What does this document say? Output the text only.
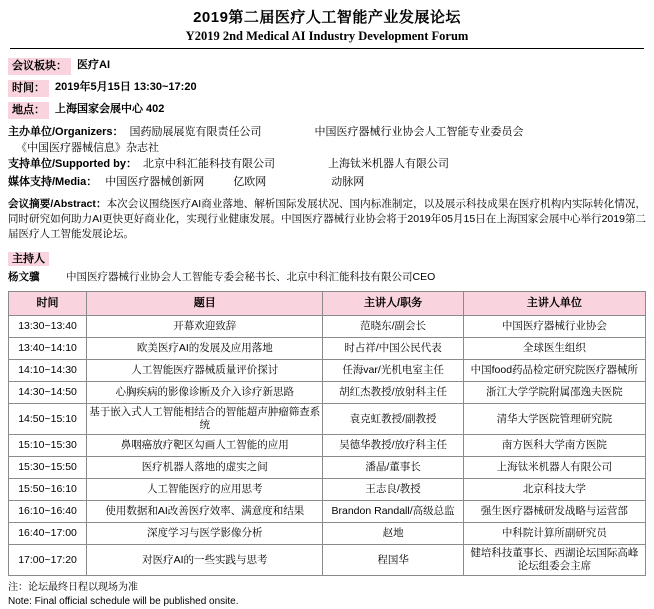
2019第二届医疗人工智能产业发展论坛
Y2019 2nd Medical AI Industry Development Forum
会议板块： 医疗AI
时间： 2019年5月15日 13:30~17:20
地点： 上海国家会展中心 402
主办单位/Organizers： 国药励展展览有限责任公司	中国医疗器械行业协会人工智能专业委员会
《中国医疗器械信息》杂志社
支持单位/Supported by： 北京中科汇能科技有限公司	上海钛米机器人有限公司
媒体支持/Media： 中国医疗器械创新网	亿欧网	动脉网
会议摘要/Abstract：本次会议围绕医疗AI商业落地、解析国际发展状况、国内标准制定，以及展示科技成果在医疗机构内实际转化情况，同时研究如何助力AI更快更好商业化，实现行业健康发展。中国医疗器械行业协会将于2019年05月15日在上海国家会展中心举行2019第二届医疗人工智能发展论坛。
主持人
杨文骥	中国医疗器械行业协会人工智能专委会秘书长、北京中科汇能科技有限公司CEO
时间	题目	主讲人/职务	主讲人单位
13:30~13:40	开幕欢迎致辞	范晓东/副会长	中国医疗器械行业协会
13:40~14:10	欧美医疗AI的发展及应用落地	时占祥/中国公民代表	全球医生组织
14:10~14:30	人工智能医疗器械质量评价探讨	任海var/光机电室主任	中国food药品检定研究院医疗器械所
14:30~14:50	心胸疾病的影像诊断及介入诊疗新思路	胡红杰教授/放射科主任	浙江大学学院附属邵逸夫医院
14:50~15:10	基于嵌入式人工智能相结合的智能超声肿瘤筛查系统	袁克虹教授/副教授	清华大学医院管理研究院
15:10~15:30	鼻咽癌放疗靶区勾画人工智能的应用	吴德华教授/放疗科主任	南方医科大学南方医院
15:30~15:50	医疗机器人落地的虚实之间	潘晶/董事长	上海钛米机器人有限公司
15:50~16:10	人工智能医疗的应用思考	王志良/教授	北京科技大学
16:10~16:40	使用数据和AI改善医疗效率、满意度和结果	Brandon Randall/高级总监	强生医疗器械研发战略与运营部
16:40~17:00	深度学习与医学影像分析	赵地	中科院计算所副研究员
17:00~17:20	对医疗AI的一些实践与思考	程国华	健培科技董事长、西湖论坛国际高峰论坛组委会主席
注：论坛最终日程以现场为准
Note: Final official schedule will be published onsite.
